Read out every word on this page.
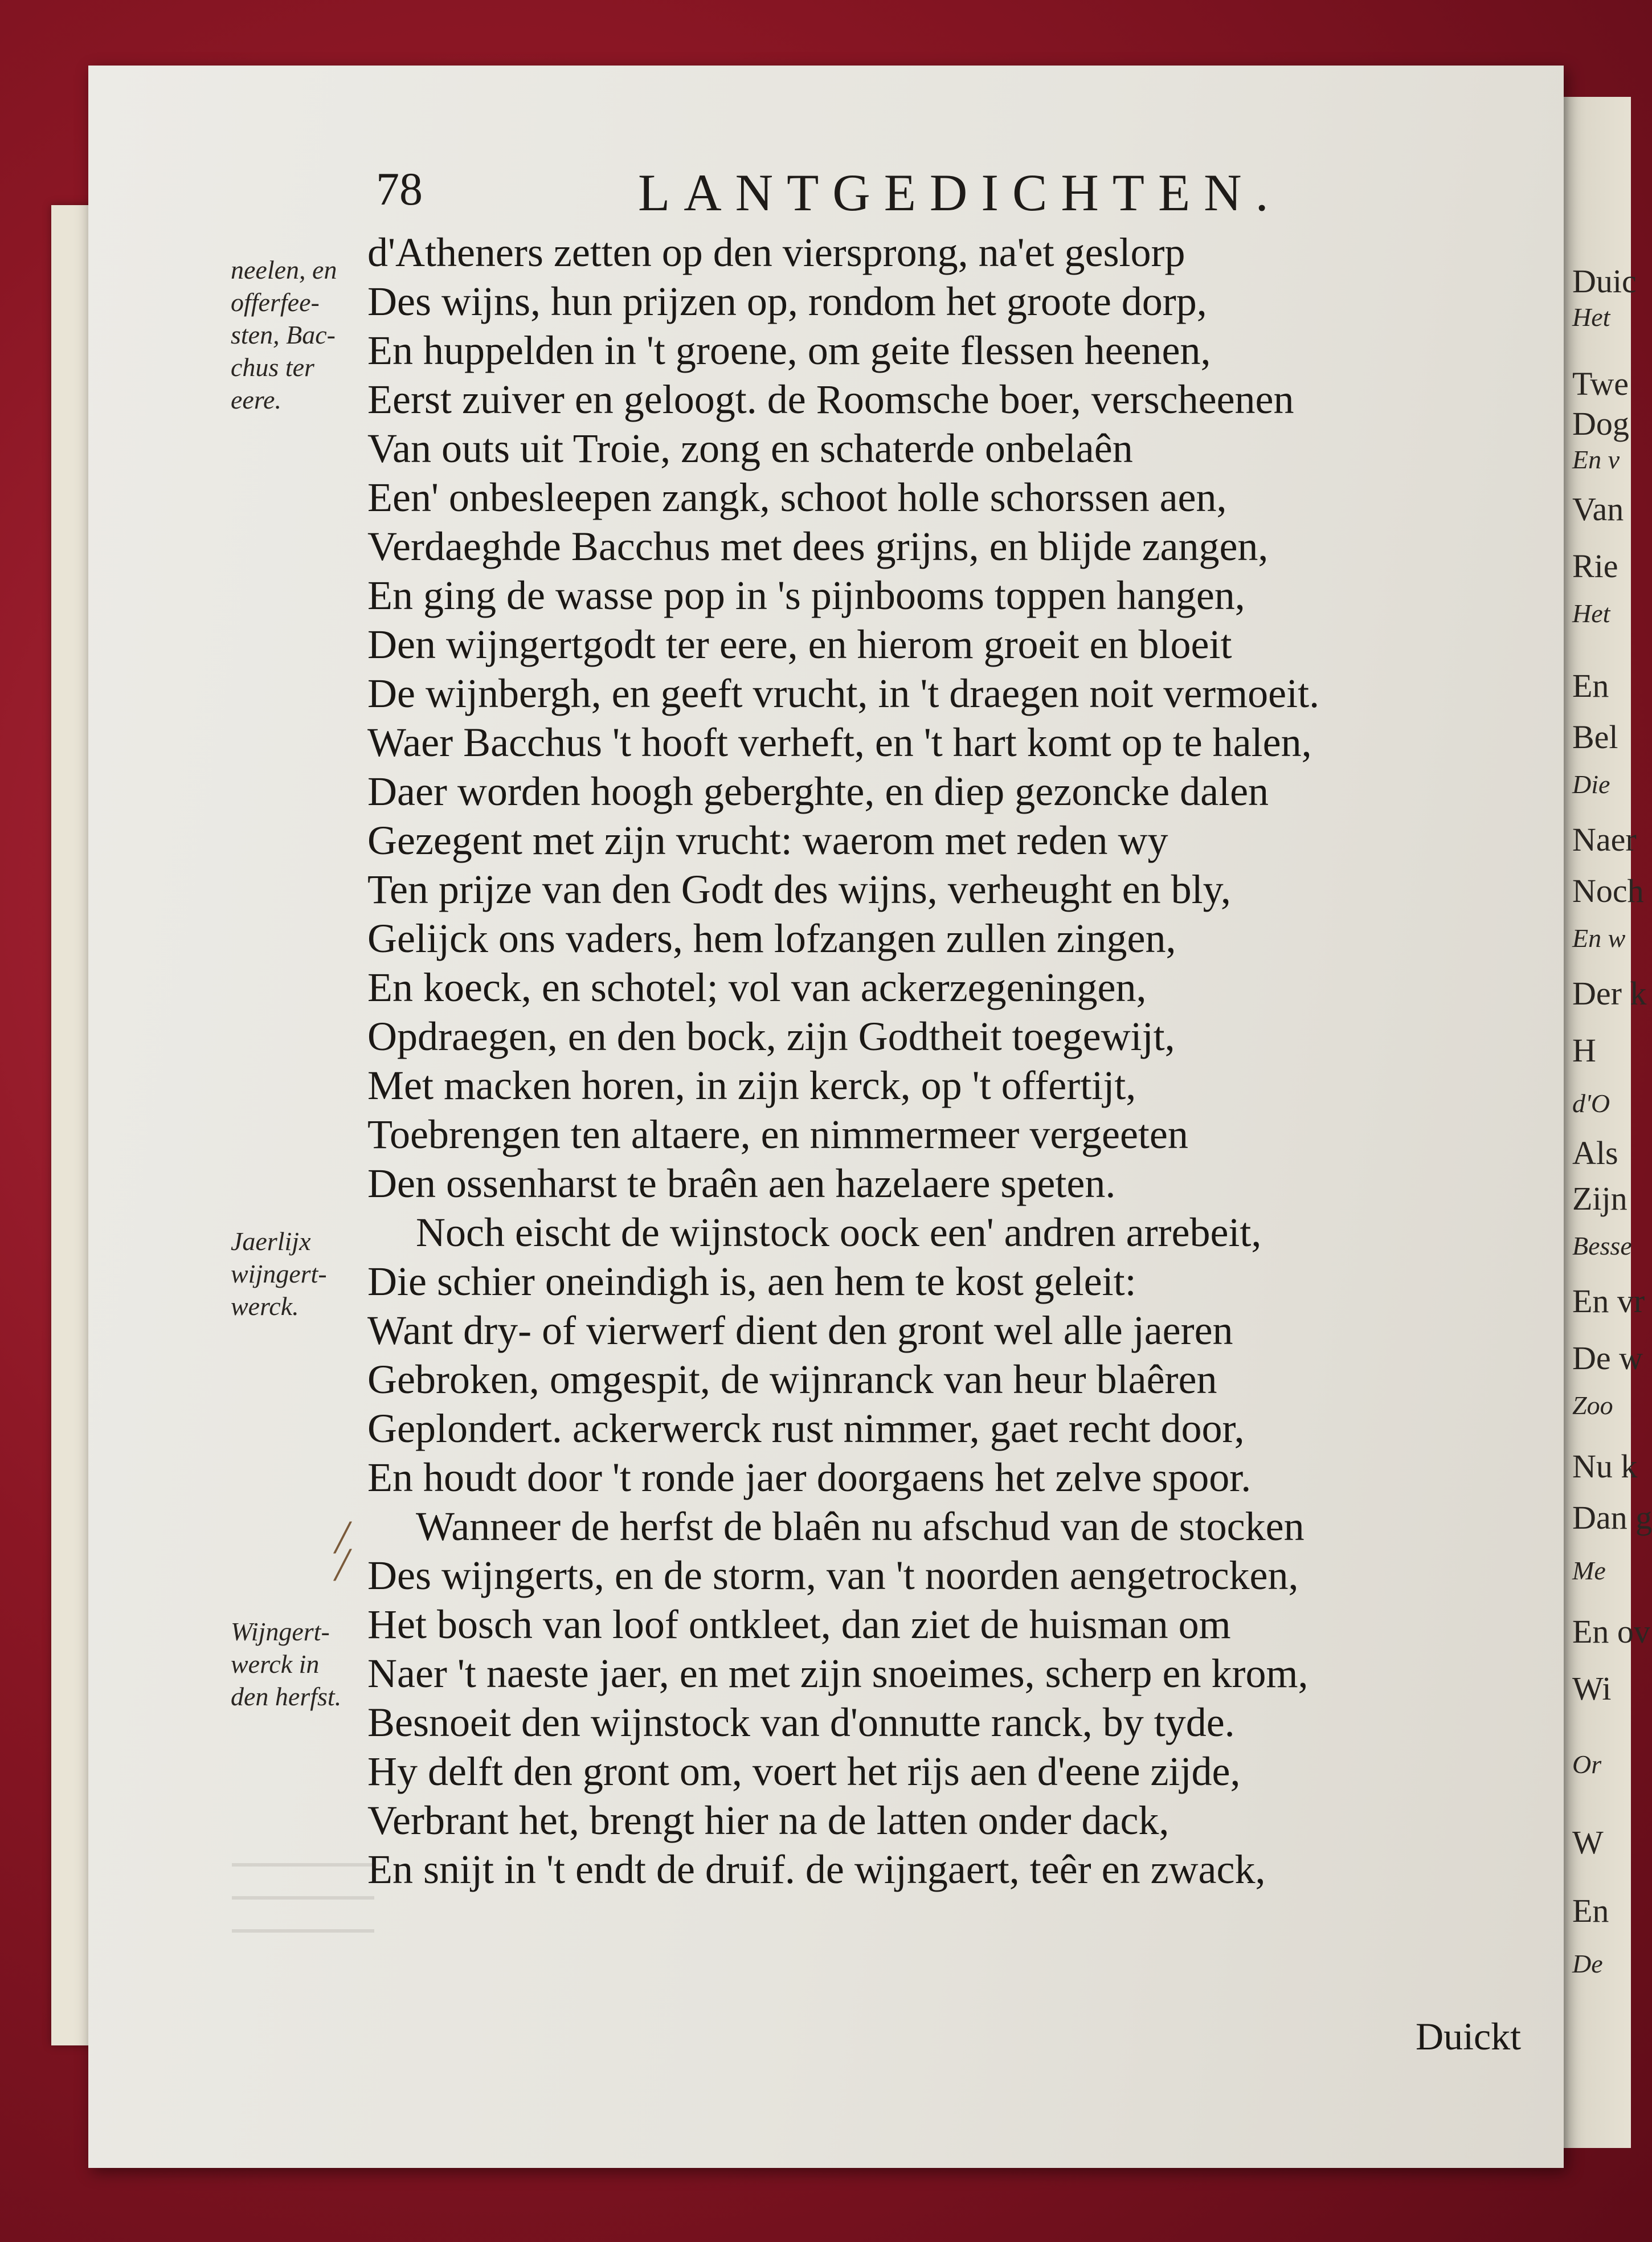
Duic
Het
Twe
Dog
En v
Van
Rie
Het
En
Bel
Die
Naer
Noch
En w
Der k
H
d'O
Als
Zijn
Besse
En vr
De w
Zoo
Nu k
Dan g
Me
En ov
Wi
Or
W
En
De
78	LANTGEDICHTEN.
neelen, en
offerfee-
sten, Bac-
chus ter
eere.
Jaerlijx
wijngert-
werck.
Wijngert-
werck in
den herfst.
╱
╱
d'Atheners zetten op den viersprong, na'et geslorp
Des wijns, hun prijzen op, rondom het groote dorp,
En huppelden in 't groene, om geite flessen heenen,
Eerst zuiver en geloogt. de Roomsche boer, verscheenen
Van outs uit Troie, zong en schaterde onbelaên
Een' onbesleepen zangk, schoot holle schorssen aen,
Verdaeghde Bacchus met dees grijns, en blijde zangen,
En ging de wasse pop in 's pijnbooms toppen hangen,
Den wijngertgodt ter eere, en hierom groeit en bloeit
De wijnbergh, en geeft vrucht, in 't draegen noit vermoeit.
Waer Bacchus 't hooft verheft, en 't hart komt op te halen,
Daer worden hoogh geberghte, en diep gezoncke dalen
Gezegent met zijn vrucht: waerom met reden wy
Ten prijze van den Godt des wijns, verheught en bly,
Gelijck ons vaders, hem lofzangen zullen zingen,
En koeck, en schotel; vol van ackerzegeningen,
Opdraegen, en den bock, zijn Godtheit toegewijt,
Met macken horen, in zijn kerck, op 't offertijt,
Toebrengen ten altaere, en nimmermeer vergeeten
Den ossenharst te braên aen hazelaere speten.
Noch eischt de wijnstock oock een' andren arrebeit,
Die schier oneindigh is, aen hem te kost geleit:
Want dry- of vierwerf dient den gront wel alle jaeren
Gebroken, omgespit, de wijnranck van heur blaêren
Geplondert. ackerwerck rust nimmer, gaet recht door,
En houdt door 't ronde jaer doorgaens het zelve spoor.
Wanneer de herfst de blaên nu afschud van de stocken
Des wijngerts, en de storm, van 't noorden aengetrocken,
Het bosch van loof ontkleet, dan ziet de huisman om
Naer 't naeste jaer, en met zijn snoeimes, scherp en krom,
Besnoeit den wijnstock van d'onnutte ranck, by tyde.
Hy delft den gront om, voert het rijs aen d'eene zijde,
Verbrant het, brengt hier na de latten onder dack,
En snijt in 't endt de druif. de wijngaert, teêr en zwack,
Duickt
